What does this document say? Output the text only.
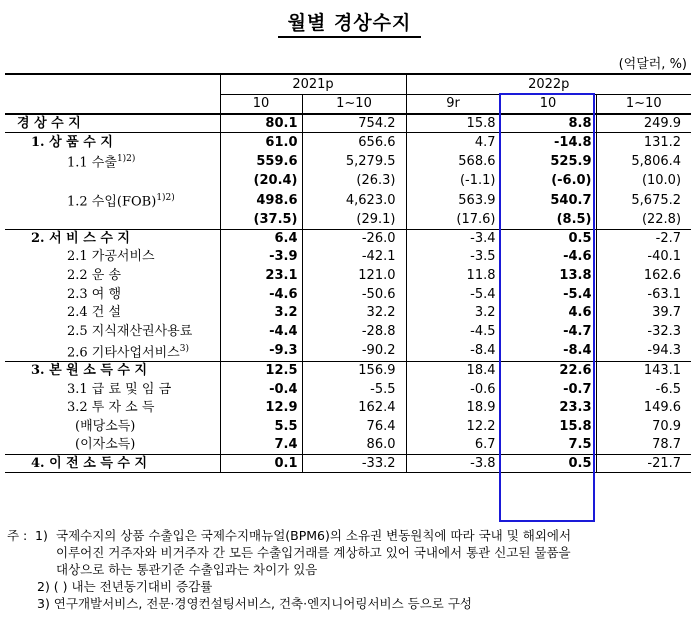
월별 경상수지
(억달러, %)
	2021p		2022p		
	10	1~10	9r	10	1~10
경 상 수 지	80.1	754.2	15.8	8.8	249.9
1. 상 품 수 지	61.0	656.6	4.7	-14.8	131.2
1.1 수출$^{1)2)}$	559.6	5,279.5	568.6	525.9	5,806.4
	(20.4)	(26.3)	(-1.1)	(-6.0)	(10.0)
1.2 수입(FOB)$^{1)2)}$	498.6	4,623.0	563.9	540.7	5,675.2
	(37.5)	(29.1)	(17.6)	(8.5)	(22.8)
2. 서 비 스 수 지	6.4	-26.0	-3.4	0.5	-2.7
2.1 가공서비스	-3.9	-42.1	-3.5	-4.6	-40.1
2.2 운 송	23.1	121.0	11.8	13.8	162.6
2.3 여 행	-4.6	-50.6	-5.4	-5.4	-63.1
2.4 건 설	3.2	32.2	3.2	4.6	39.7
2.5 지식재산권사용료	-4.4	-28.8	-4.5	-4.7	-32.3
2.6 기타사업서비스$^{3)}$	-9.3	-90.2	-8.4	-8.4	-94.3
3. 본 원 소 득 수 지	12.5	156.9	18.4	22.6	143.1
3.1 급 료 및 임 금	-0.4	-5.5	-0.6	-0.7	-6.5
3.2 투 자 소 득	12.9	162.4	18.9	23.3	149.6
(배당소득)	5.5	76.4	12.2	15.8	70.9
(이자소득)	7.4	86.0	6.7	7.5	78.7
4. 이 전 소 득 수 지	0.1	-33.2	-3.8	0.5	-21.7
주 : 1) 국제수지의 상품 수출입은 국제수지매뉴얼(BPM6)의 소유권 변동원칙에 따라 국내 및 해외에서
이루어진 거주자와 비거주자 간 모든 수출입거래를 계상하고 있어 국내에서 통관 신고된 물품을
대상으로 하는 통관기준 수출입과는 차이가 있음
2) ( ) 내는 전년동기대비 증감률
3) 연구개발서비스, 전문·경영컨설팅서비스, 건축·엔지니어링서비스 등으로 구성
